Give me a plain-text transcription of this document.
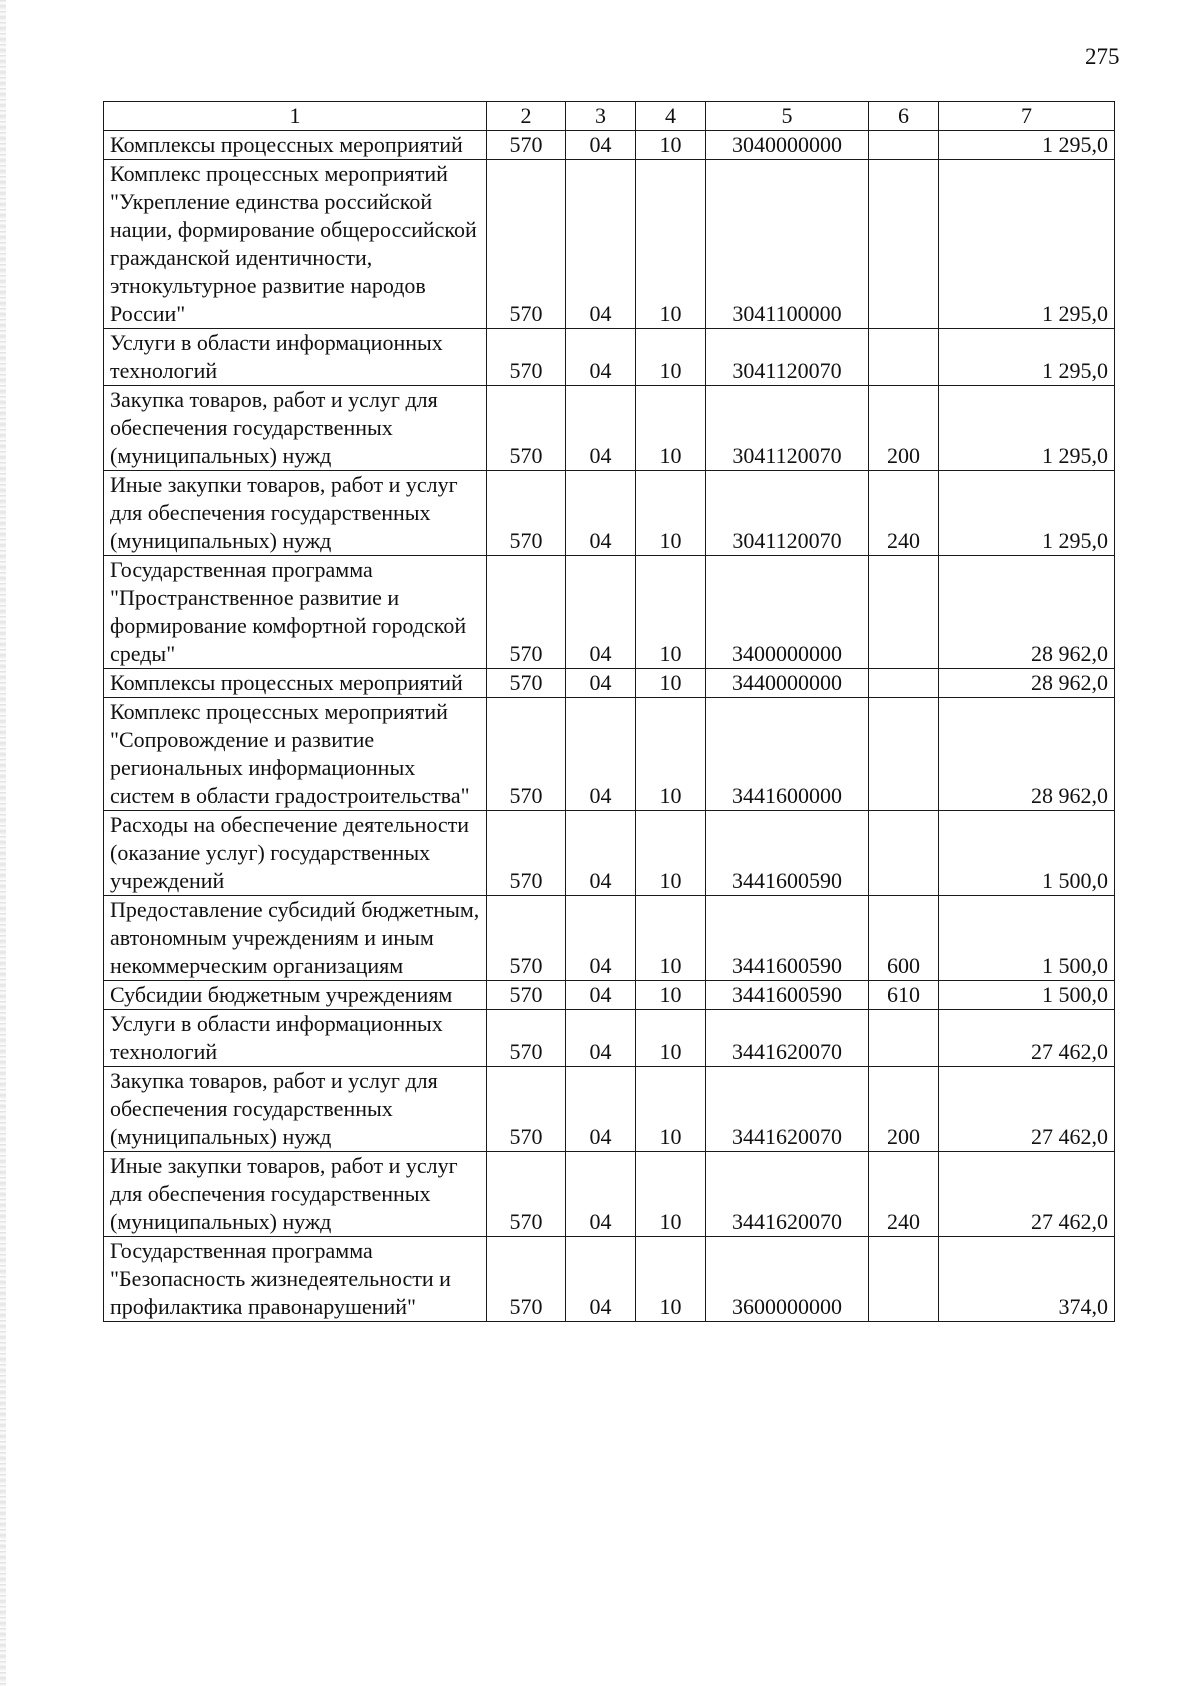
275
1	2	3	4	5	6	7
Комплексы процессных мероприятий	570	04	10	3040000000		1 295,0
Комплекс процессных мероприятий "Укрепление единства российской нации, формирование общероссийской гражданской идентичности, этнокультурное развитие народов России"	570	04	10	3041100000		1 295,0
Услуги в области информационных технологий	570	04	10	3041120070		1 295,0
Закупка товаров, работ и услуг для обеспечения государственных (муниципальных) нужд	570	04	10	3041120070	200	1 295,0
Иные закупки товаров, работ и услуг для обеспечения государственных (муниципальных) нужд	570	04	10	3041120070	240	1 295,0
Государственная программа "Пространственное развитие и формирование комфортной городской среды"	570	04	10	3400000000		28 962,0
Комплексы процессных мероприятий	570	04	10	3440000000		28 962,0
Комплекс процессных мероприятий "Сопровождение и развитие региональных информационных систем в области градостроительства"	570	04	10	3441600000		28 962,0
Расходы на обеспечение деятельности (оказание услуг) государственных учреждений	570	04	10	3441600590		1 500,0
Предоставление субсидий бюджетным, автономным учреждениям и иным некоммерческим организациям	570	04	10	3441600590	600	1 500,0
Субсидии бюджетным учреждениям	570	04	10	3441600590	610	1 500,0
Услуги в области информационных технологий	570	04	10	3441620070		27 462,0
Закупка товаров, работ и услуг для обеспечения государственных (муниципальных) нужд	570	04	10	3441620070	200	27 462,0
Иные закупки товаров, работ и услуг для обеспечения государственных (муниципальных) нужд	570	04	10	3441620070	240	27 462,0
Государственная программа "Безопасность жизнедеятельности и профилактика правонарушений"	570	04	10	3600000000		374,0
